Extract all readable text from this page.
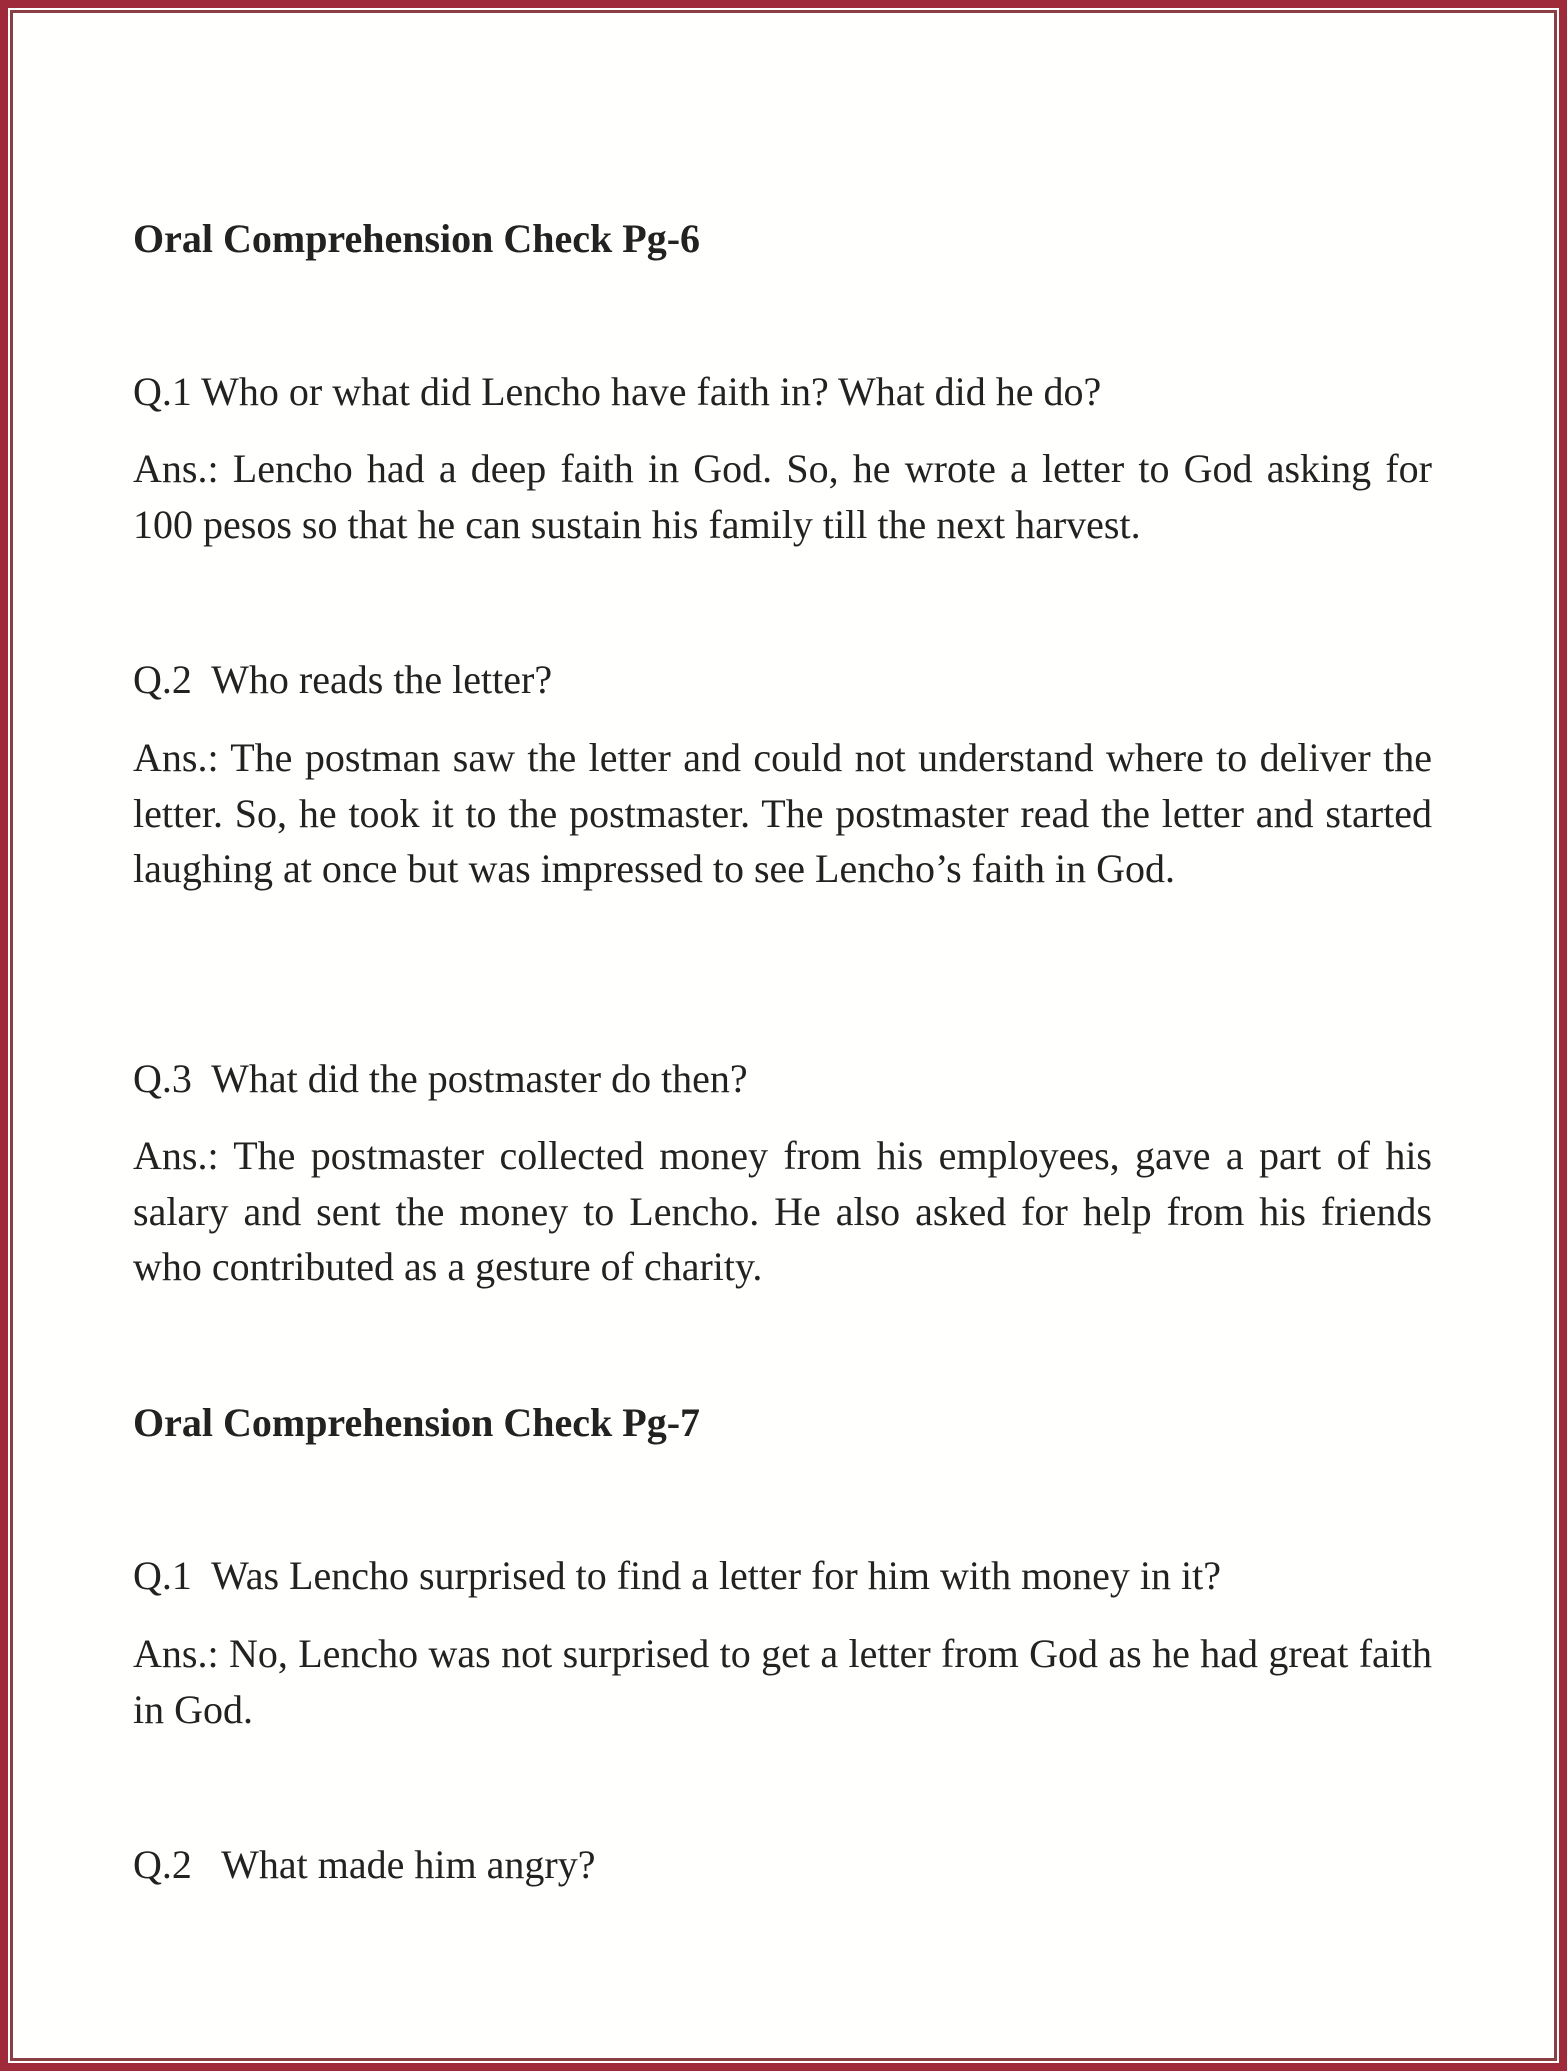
Oral Comprehension Check Pg-6

Q.1 Who or what did Lencho have faith in? What did he do?

Ans.: Lencho had a deep faith in God. So, he wrote a letter to God asking for 100 pesos so that he can sustain his family till the next harvest.

Q.2  Who reads the letter?

Ans.: The postman saw the letter and could not understand where to deliver the letter. So, he took it to the postmaster. The postmaster read the letter and started laughing at once but was impressed to see Lencho’s faith in God.

Q.3  What did the postmaster do then?

Ans.: The postmaster collected money from his employees, gave a part of his salary and sent the money to Lencho. He also asked for help from his friends who contributed as a gesture of charity.

Oral Comprehension Check Pg-7

Q.1  Was Lencho surprised to find a letter for him with money in it?

Ans.: No, Lencho was not surprised to get a letter from God as he had great faith in God.

Q.2   What made him angry?
